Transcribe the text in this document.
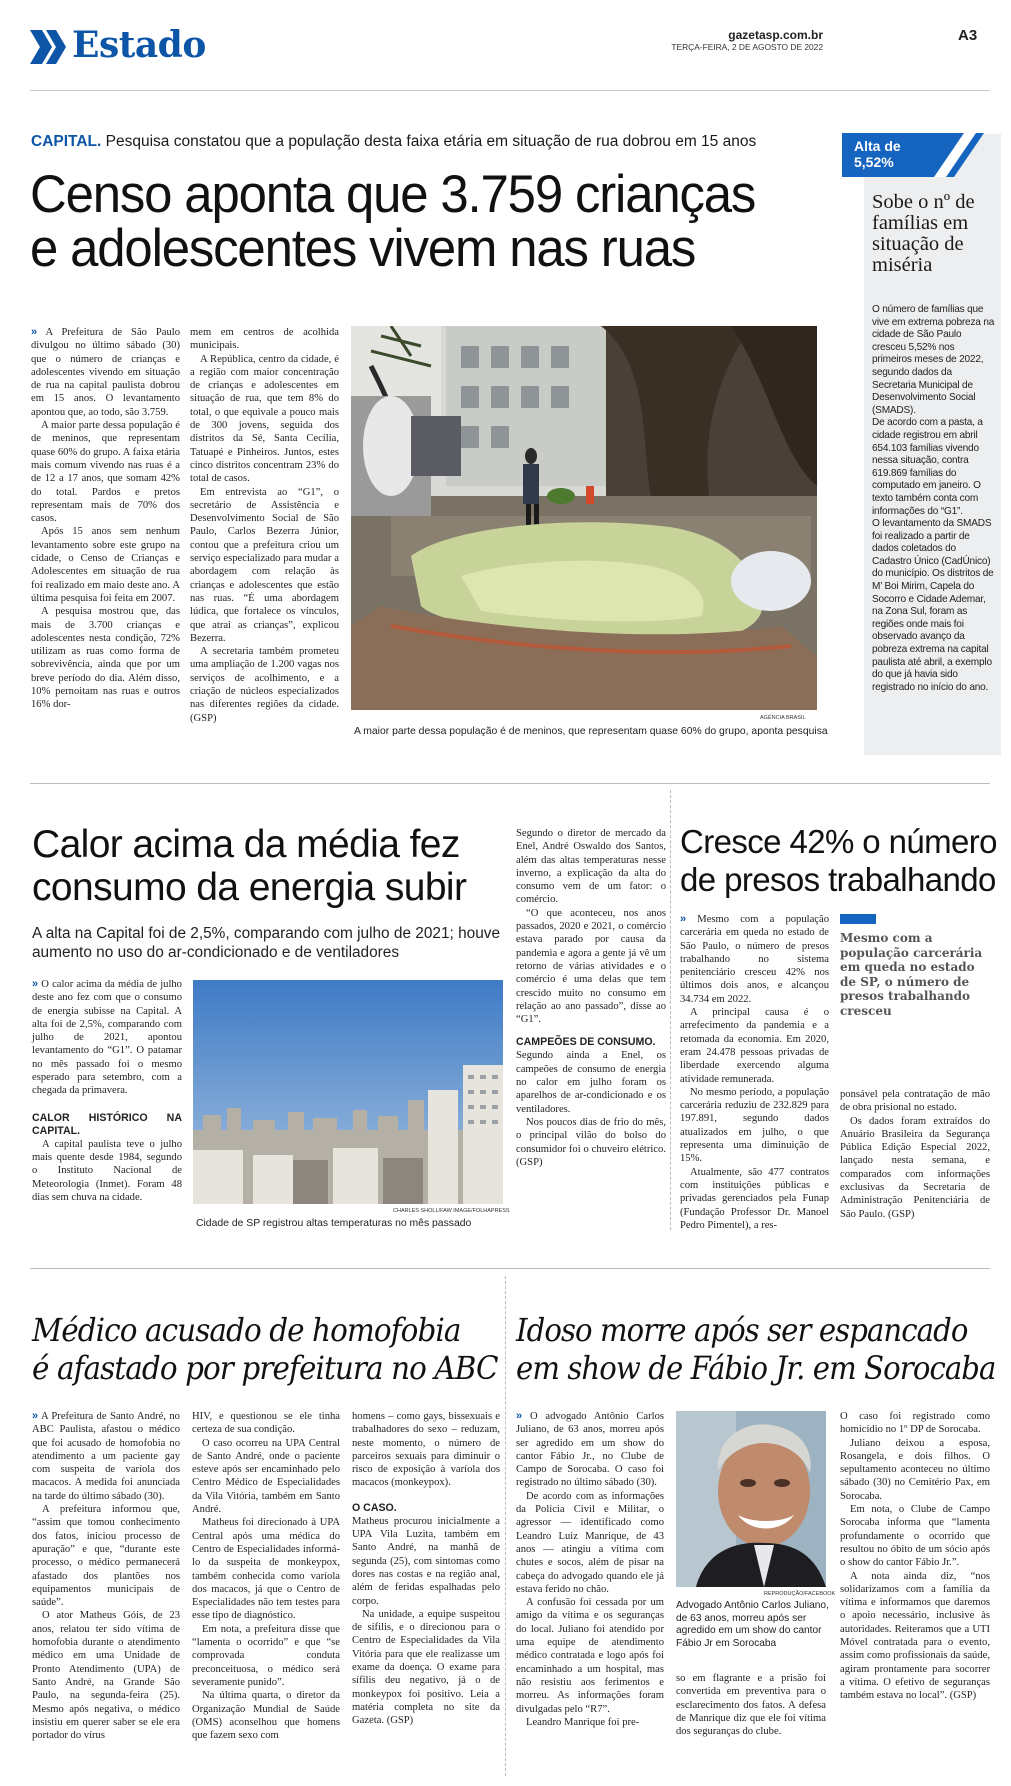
Estado	gazetasp.com.br
TERÇA-FEIRA, 2 DE AGOSTO DE 2022
A3
CAPITAL. Pesquisa constatou que a população desta faixa etária em situação de rua dobrou em 15 anos
Censo aponta que 3.759 crianças
e adolescentes vivem nas ruas

» A Prefeitura de São Paulo divulgou no último sábado (30) que o número de crianças e adolescentes vivendo em situação de rua na capital paulista dobrou em 15 anos. O levantamento apontou que, ao todo, são 3.759.

A maior parte dessa população é de meninos, que representam quase 60% do grupo. A faixa etária mais comum vivendo nas ruas é a de 12 a 17 anos, que somam 42% do total. Pardos e pretos representam mais de 70% dos casos.

Após 15 anos sem nenhum levantamento sobre este grupo na cidade, o Censo de Crianças e Adolescentes em situação de rua foi realizado em maio deste ano. A última pesquisa foi feita em 2007.

A pesquisa mostrou que, das mais de 3.700 crianças e adolescentes nesta condição, 72% utilizam as ruas como forma de sobrevivência, ainda que por um breve período do dia. Além disso, 10% pernoitam nas ruas e outros 16% dor-

mem em centros de acolhida municipais.

A República, centro da cidade, é a região com maior concentração de crianças e adolescentes em situação de rua, que tem 8% do total, o que equivale a pouco mais de 300 jovens, seguida dos distritos da Sé, Santa Cecília, Tatuapé e Pinheiros. Juntos, estes cinco distritos concentram 23% do total de casos.

Em entrevista ao “G1”, o secretário de Assistência e Desenvolvimento Social de São Paulo, Carlos Bezerra Júnior, contou que a prefeitura criou um serviço especializado para mudar a abordagem com relação às crianças e adolescentes que estão nas ruas. “É uma abordagem lúdica, que fortalece os vínculos, que atrai as crianças”, explicou Bezerra.

A secretaria também prometeu uma ampliação de 1.200 vagas nos serviços de acolhimento, e a criação de núcleos especializados nas diferentes regiões da cidade. (GSP)	AGÊNCIA BRASIL
A maior parte dessa população é de meninos, que representam quase 60% do grupo, aponta pesquisa
Alta de
5,52%
Sobe o nº de famílias em situação de miséria

O número de famílias que vive em extrema pobreza na cidade de São Paulo cresceu 5,52% nos primeiros meses de 2022, segundo dados da Secretaria Municipal de Desenvolvimento Social (SMADS).

De acordo com a pasta, a cidade registrou em abril 654.103 famílias vivendo nessa situação, contra 619.869 famílias do computado em janeiro. O texto também conta com informações do “G1”.

O levantamento da SMADS foi realizado a partir de dados coletados do Cadastro Único (CadÚnico) do município. Os distritos de M’ Boi Mirim, Capela do Socorro e Cidade Ademar, na Zona Sul, foram as regiões onde mais foi observado avanço da pobreza extrema na capital paulista até abril, a exemplo do que já havia sido registrado no início do ano.

Calor acima da média fez
consumo da energia subir
A alta na Capital foi de 2,5%, comparando com julho de 2021; houve aumento no uso do ar-condicionado e de ventiladores

» O calor acima da média de julho deste ano fez com que o consumo de energia subisse na Capital. A alta foi de 2,5%, comparando com julho de 2021, apontou levantamento do “G1”. O patamar no mês passado foi o mesmo esperado para setembro, com a chegada da primavera.

CALOR HISTÓRICO NA CAPITAL.

A capital paulista teve o julho mais quente desde 1984, segundo o Instituto Nacional de Meteorologia (Inmet). Foram 48 dias sem chuva na cidade.

CHARLES SHOLL/FAW IMAGE/FOLHAPRESS
Cidade de SP registrou altas temperaturas no mês passado

Segundo o diretor de mercado da Enel, André Oswaldo dos Santos, além das altas temperaturas nesse inverno, a explicação da alta do consumo vem de um fator: o comércio.

“O que aconteceu, nos anos passados, 2020 e 2021, o comércio estava parado por causa da pandemia e agora a gente já vê um retorno de várias atividades e o comércio é uma delas que tem crescido muito no consumo em relação ao ano passado”, disse ao “G1”.

CAMPEÕES DE CONSUMO.

Segundo ainda a Enel, os campeões de consumo de energia no calor em julho foram os aparelhos de ar-condicionado e os ventiladores.

Nos poucos dias de frio do mês, o principal vilão do bolso do consumidor foi o chuveiro elétrico. (GSP)

Cresce 42% o número
de presos trabalhando

» Mesmo com a população carcerária em queda no estado de São Paulo, o número de presos trabalhando no sistema penitenciário cresceu 42% nos últimos dois anos, e alcançou 34.734 em 2022.

A principal causa é o arrefecimento da pandemia e a retomada da economia. Em 2020, eram 24.478 pessoas privadas de liberdade exercendo alguma atividade remunerada.

No mesmo período, a população carcerária reduziu de 232.829 para 197.891, segundo dados atualizados em julho, o que representa uma diminuição de 15%.

Atualmente, são 477 contratos com instituições públicas e privadas gerenciados pela Funap (Fundação Professor Dr. Manoel Pedro Pimentel), a res-

Mesmo com a população carcerária em queda no estado de SP, o número de presos trabalhando cresceu

ponsável pela contratação de mão de obra prisional no estado.

Os dados foram extraídos do Anuário Brasileira da Segurança Pública Edição Especial 2022, lançado nesta semana, e comparados com informações exclusivas da Secretaria de Administração Penitenciária de São Paulo. (GSP)

Médico acusado de homofobia
é afastado por prefeitura no ABC

» A Prefeitura de Santo André, no ABC Paulista, afastou o médico que foi acusado de homofobia no atendimento a um paciente gay com suspeita de varíola dos macacos. A medida foi anunciada na tarde do último sábado (30).

A prefeitura informou que, “assim que tomou conhecimento dos fatos, iniciou processo de apuração” e que, “durante este processo, o médico permanecerá afastado dos plantões nos equipamentos municipais de saúde”.

O ator Matheus Góis, de 23 anos, relatou ter sido vítima de homofobia durante o atendimento médico em uma Unidade de Pronto Atendimento (UPA) de Santo André, na Grande São Paulo, na segunda-feira (25). Mesmo após negativa, o médico insistiu em querer saber se ele era portador do vírus

HIV, e questionou se ele tinha certeza de sua condição.

O caso ocorreu na UPA Central de Santo André, onde o paciente esteve após ser encaminhado pelo Centro Médico de Especialidades da Vila Vitória, também em Santo André.

Matheus foi direcionado à UPA Central após uma médica do Centro de Especialidades informá-lo da suspeita de monkeypox, também conhecida como varíola dos macacos, já que o Centro de Especialidades não tem testes para esse tipo de diagnóstico.

Em nota, a prefeitura disse que “lamenta o ocorrido” e que “se comprovada conduta preconceituosa, o médico será severamente punido”.

Na última quarta, o diretor da Organização Mundial de Saúde (OMS) aconselhou que homens que fazem sexo com

homens – como gays, bissexuais e trabalhadores do sexo – reduzam, neste momento, o número de parceiros sexuais para diminuir o risco de exposição à varíola dos macacos (monkeypox).

O CASO.

Matheus procurou inicialmente a UPA Vila Luzita, também em Santo André, na manhã de segunda (25), com sintomas como dores nas costas e na região anal, além de feridas espalhadas pelo corpo.

Na unidade, a equipe suspeitou de sífilis, e o direcionou para o Centro de Especialidades da Vila Vitória para que ele realizasse um exame da doença. O exame para sífilis deu negativo, já o de monkeypox foi positivo. Leia a matéria completa no site da Gazeta. (GSP)

Idoso morre após ser espancado
em show de Fábio Jr. em Sorocaba

» O advogado Antônio Carlos Juliano, de 63 anos, morreu após ser agredido em um show do cantor Fábio Jr., no Clube de Campo de Sorocaba. O caso foi registrado no último sábado (30).

De acordo com as informações da Polícia Civil e Militar, o agressor — identificado como Leandro Luiz Manrique, de 43 anos — atingiu a vítima com chutes e socos, além de pisar na cabeça do advogado quando ele já estava ferido no chão.

A confusão foi cessada por um amigo da vítima e os seguranças do local. Juliano foi atendido por uma equipe de atendimento médico contratada e logo após foi encaminhado a um hospital, mas não resistiu aos ferimentos e morreu. As informações foram divulgadas pelo “R7”.

Leandro Manrique foi pre-

REPRODUÇÃO/FACEBOOK
Advogado Antônio Carlos Juliano, de 63 anos, morreu após ser agredido em um show do cantor Fábio Jr em Sorocaba

so em flagrante e a prisão foi convertida em preventiva para o esclarecimento dos fatos. A defesa de Manrique diz que ele foi vítima dos seguranças do clube.

O caso foi registrado como homicídio no 1º DP de Sorocaba.

Juliano deixou a esposa, Rosangela, e dois filhos. O sepultamento aconteceu no último sábado (30) no Cemitério Pax, em Sorocaba.

Em nota, o Clube de Campo Sorocaba informa que “lamenta profundamente o ocorrido que resultou no óbito de um sócio após o show do cantor Fábio Jr.”.

A nota ainda diz, “nos solidarizamos com a família da vítima e informamos que daremos o apoio necessário, inclusive às autoridades. Reiteramos que a UTI Móvel contratada para o evento, assim como profissionais da saúde, agiram prontamente para socorrer a vítima. O efetivo de seguranças também estava no local”. (GSP)
